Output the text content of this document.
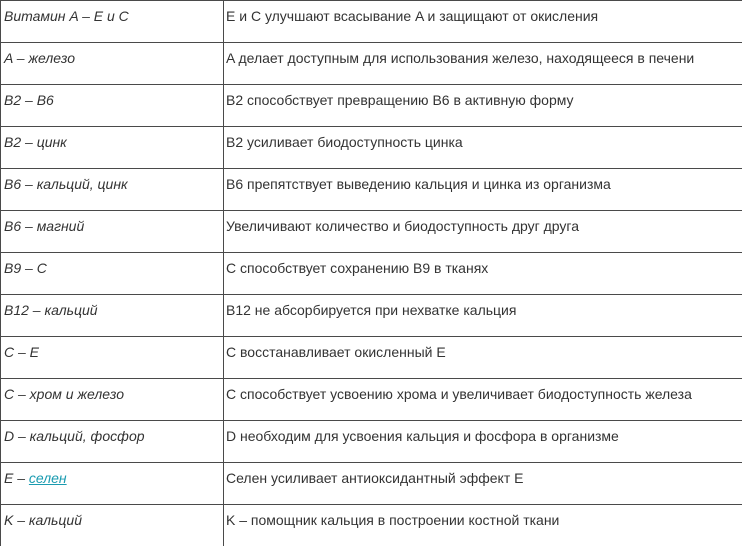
Витамин A – E и C	E и C улучшают всасывание A и защищают от окисления
A – железо	A делает доступным для использования железо, находящееся в печени
B2 – B6	B2 способствует превращению B6 в активную форму
B2 – цинк	B2 усиливает биодоступность цинка
B6 – кальций, цинк	B6 препятствует выведению кальция и цинка из организма
B6 – магний	Увеличивают количество и биодоступность друг друга
B9 – C	C способствует сохранению B9 в тканях
B12 – кальций	B12 не абсорбируется при нехватке кальция
C – E	C восстанавливает окисленный E
C – хром и железо	C способствует усвоению хрома и увеличивает биодоступность железа
D – кальций, фосфор	D необходим для усвоения кальция и фосфора в организме
E – селен	Селен усиливает антиоксидантный эффект E
K – кальций	K – помощник кальция в построении костной ткани
